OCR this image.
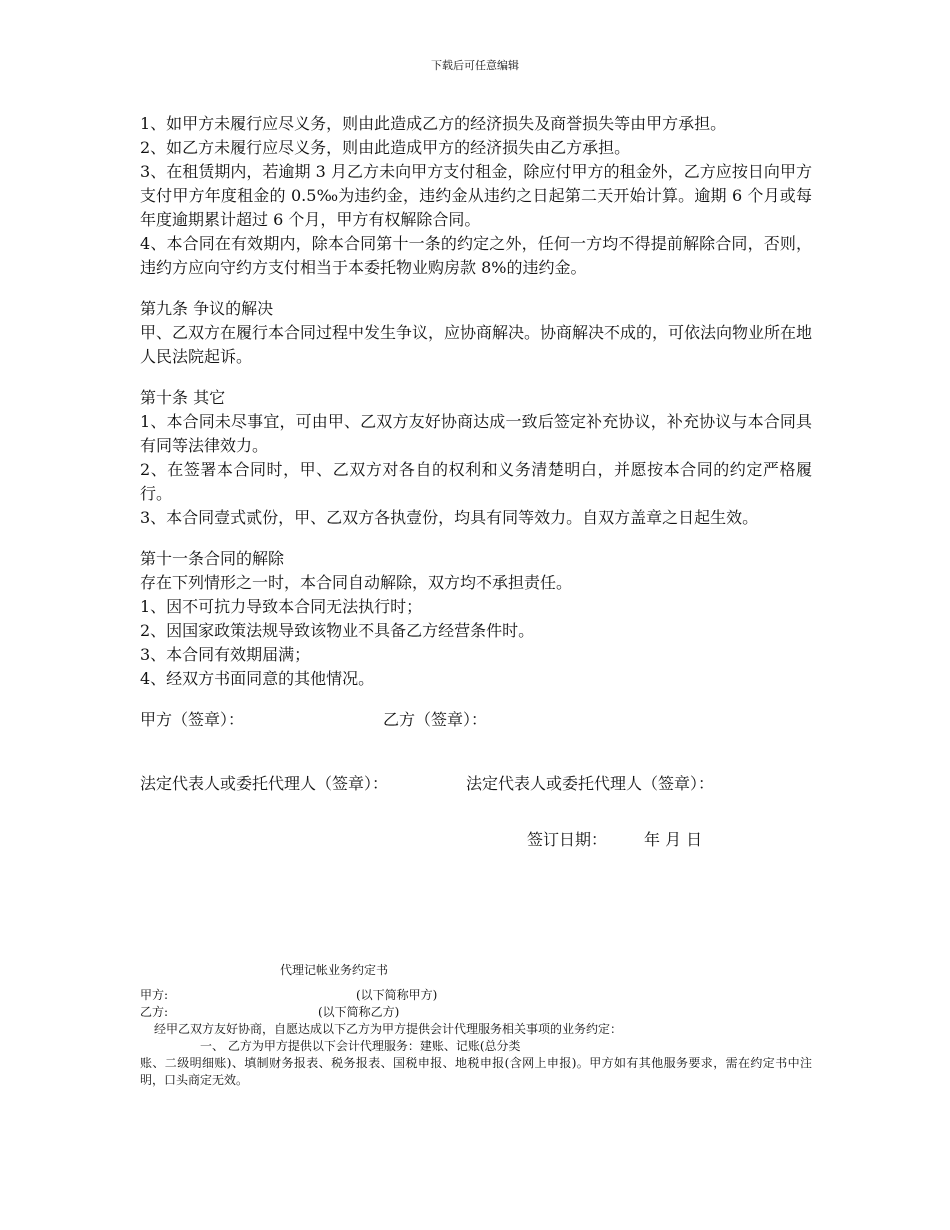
下载后可任意编辑

1、如甲方未履行应尽义务，则由此造成乙方的经济损失及商誉损失等由甲方承担。

2、如乙方未履行应尽义务，则由此造成甲方的经济损失由乙方承担。

3、在租赁期内，若逾期 3 月乙方未向甲方支付租金，除应付甲方的租金外，乙方应按日向甲方支付甲方年度租金的 0.5‰为违约金，违约金从违约之日起第二天开始计算。逾期 6 个月或每年度逾期累计超过 6 个月，甲方有权解除合同。

4、本合同在有效期内，除本合同第十一条的约定之外，任何一方均不得提前解除合同，否则，违约方应向守约方支付相当于本委托物业购房款 8%的违约金。

第九条 争议的解决

甲、乙双方在履行本合同过程中发生争议，应协商解决。协商解决不成的，可依法向物业所在地人民法院起诉。

第十条 其它

1、本合同未尽事宜，可由甲、乙双方友好协商达成一致后签定补充协议，补充协议与本合同具有同等法律效力。

2、在签署本合同时，甲、乙双方对各自的权利和义务清楚明白，并愿按本合同的约定严格履行。

3、本合同壹式贰份，甲、乙双方各执壹份，均具有同等效力。自双方盖章之日起生效。

第十一条合同的解除

存在下列情形之一时，本合同自动解除，双方均不承担责任。

1、因不可抗力导致本合同无法执行时；

2、因国家政策法规导致该物业不具备乙方经营条件时。

3、本合同有效期届满；

4、经双方书面同意的其他情况。

甲方（签章）：	乙方（签章）：
法定代表人或委托代理人（签章）：	法定代表人或委托代理人（签章）：
签订日期： 年 月 日

代理记帐业务约定书

甲方:	(以下简称甲方)

乙方:	(以下简称乙方)

经甲乙双方友好协商，自愿达成以下乙方为甲方提供会计代理服务相关事项的业务约定：

一、 乙方为甲方提供以下会计代理服务：建账、记账(总分类

账、二级明细账)、填制财务报表、税务报表、国税申报、地税申报(含网上申报)。甲方如有其他服务要求，需在约定书中注明，口头商定无效。
